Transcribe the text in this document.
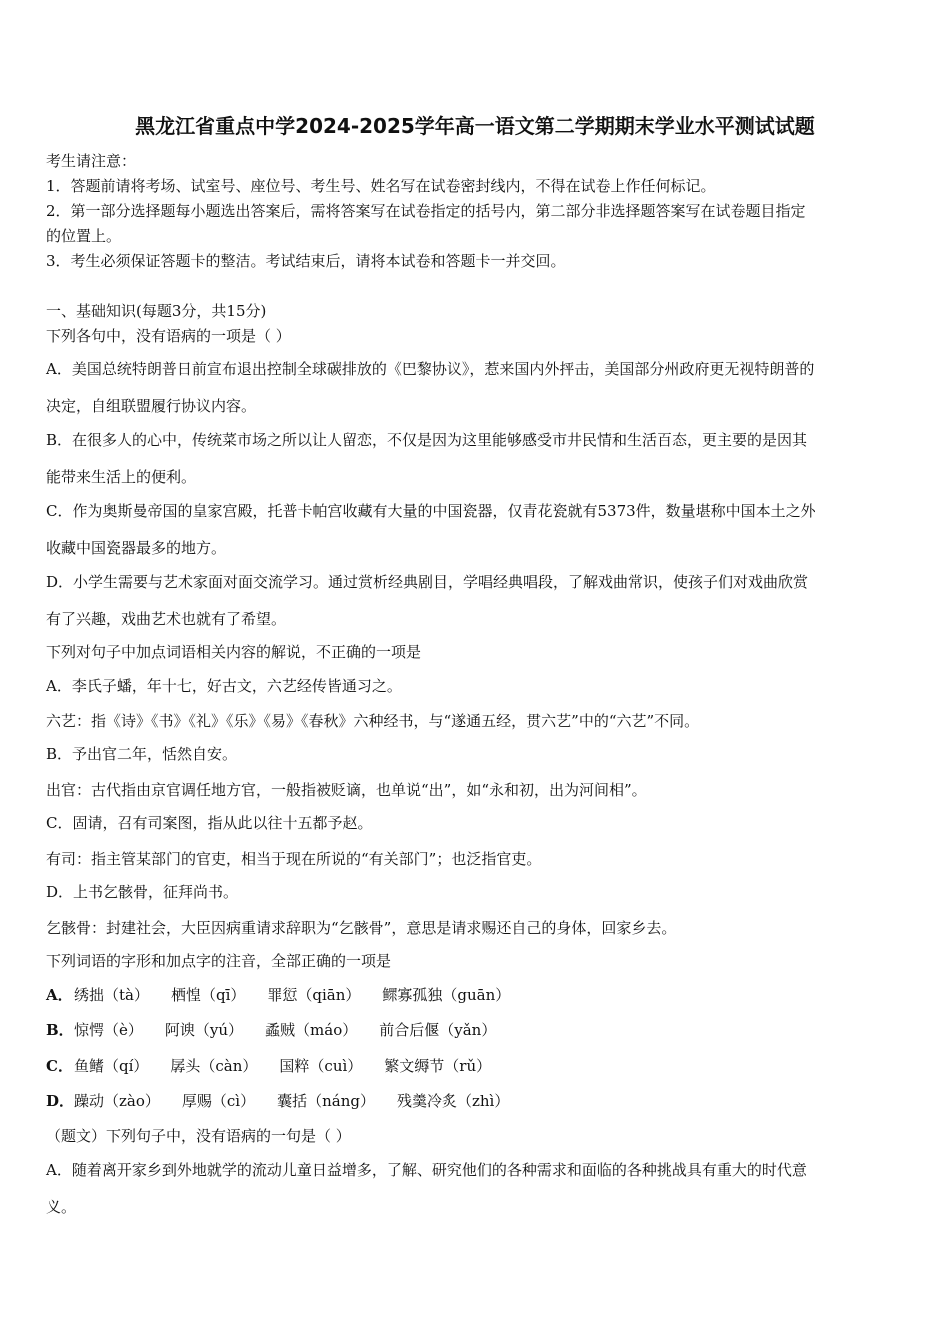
黑龙江省重点中学2024-2025学年高一语文第二学期期末学业水平测试试题
考生请注意：
1．答题前请将考场、试室号、座位号、考生号、姓名写在试卷密封线内，不得在试卷上作任何标记。
2．第一部分选择题每小题选出答案后，需将答案写在试卷指定的括号内，第二部分非选择题答案写在试卷题目指定
的位置上。
3．考生必须保证答题卡的整洁。考试结束后，请将本试卷和答题卡一并交回。
一、基础知识(每题3分，共15分)
下列各句中，没有语病的一项是（ ）
A．美国总统特朗普日前宣布退出控制全球碳排放的《巴黎协议》，惹来国内外抨击，美国部分州政府更无视特朗普的
决定，自组联盟履行协议内容。
B．在很多人的心中，传统菜市场之所以让人留恋，不仅是因为这里能够感受市井民情和生活百态，更主要的是因其
能带来生活上的便利。
C．作为奥斯曼帝国的皇家宫殿，托普卡帕宫收藏有大量的中国瓷器，仅青花瓷就有5373件，数量堪称中国本土之外
收藏中国瓷器最多的地方。
D．小学生需要与艺术家面对面交流学习。通过赏析经典剧目，学唱经典唱段，了解戏曲常识，使孩子们对戏曲欣赏
有了兴趣，戏曲艺术也就有了希望。
下列对句子中加点词语相关内容的解说，不正确的一项是
A．李氏子蟠，年十七，好古文，六艺经传皆通习之。
六艺：指《诗》《书》《礼》《乐》《易》《春秋》六种经书，与“遂通五经，贯六艺”中的“六艺”不同。
B．予出官二年，恬然自安。
出官：古代指由京官调任地方官，一般指被贬谪，也单说“出”，如“永和初，出为河间相”。
C．固请，召有司案图，指从此以往十五都予赵。
有司：指主管某部门的官吏，相当于现在所说的“有关部门”；也泛指官吏。
D．上书乞骸骨，征拜尚书。
乞骸骨：封建社会，大臣因病重请求辞职为“乞骸骨”，意思是请求赐还自己的身体，回家乡去。
下列词语的字形和加点字的注音，全部正确的一项是
A．绣拙（tà） 栖惶（qī） 罪愆（qiān） 鳏寡孤独（guān）
B．惊愕（è） 阿谀（yú） 蟊贼（máo） 前合后偃（yǎn）
C．鱼鳍（qí） 孱头（càn） 国粹（cuì） 繁文缛节（rǔ）
D．躁动（zào） 厚赐（cì） 囊括（náng） 残羹冷炙（zhì）
（题文）下列句子中，没有语病的一句是（ ）
A．随着离开家乡到外地就学的流动儿童日益增多，了解、研究他们的各种需求和面临的各种挑战具有重大的时代意
义。
